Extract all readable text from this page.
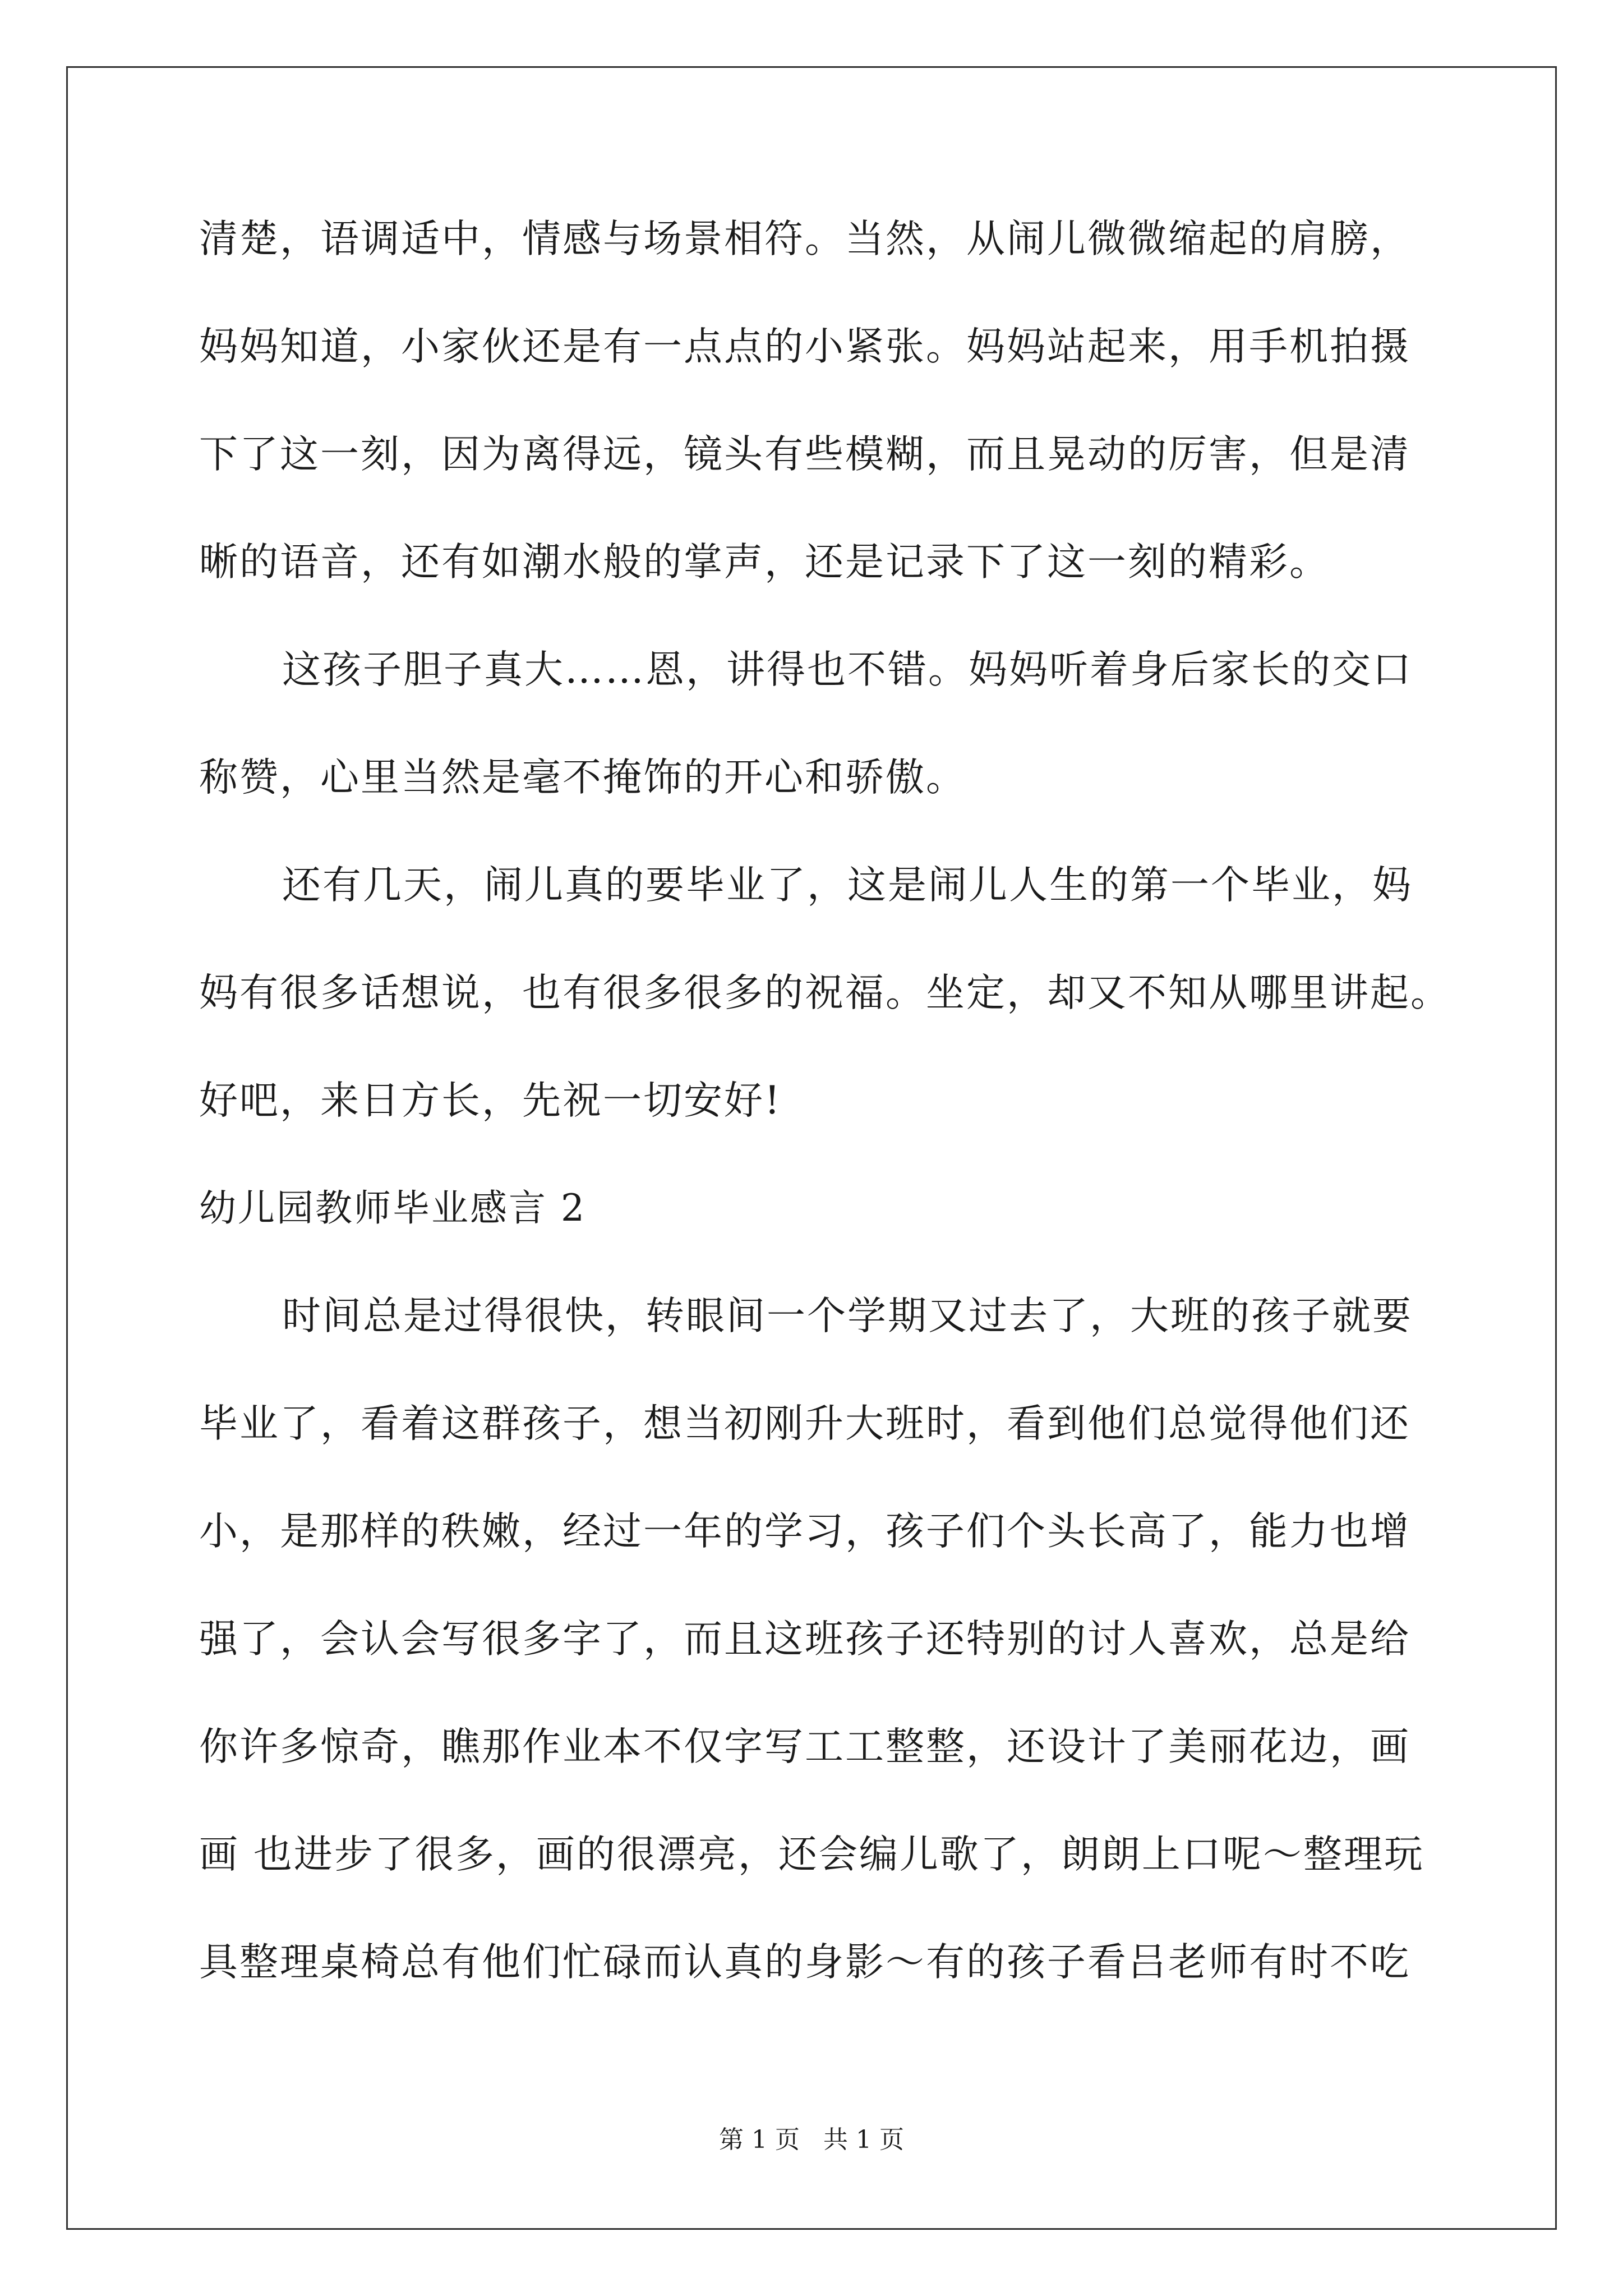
清楚，语调适中，情感与场景相符。当然，从闹儿微微缩起的肩膀，
妈妈知道，小家伙还是有一点点的小紧张。妈妈站起来，用手机拍摄
下了这一刻，因为离得远，镜头有些模糊，而且晃动的厉害，但是清
晰的语音，还有如潮水般的掌声，还是记录下了这一刻的精彩。
这孩子胆子真大……恩，讲得也不错。妈妈听着身后家长的交口
称赞，心里当然是毫不掩饰的开心和骄傲。
还有几天，闹儿真的要毕业了，这是闹儿人生的第一个毕业，妈
妈有很多话想说，也有很多很多的祝福。坐定，却又不知从哪里讲起。
好吧，来日方长，先祝一切安好!
幼儿园教师毕业感言 2
时间总是过得很快，转眼间一个学期又过去了，大班的孩子就要
毕业了，看着这群孩子，想当初刚升大班时，看到他们总觉得他们还
小，是那样的秩嫩，经过一年的学习，孩子们个头长高了，能力也增
强了，会认会写很多字了，而且这班孩子还特别的讨人喜欢，总是给
你许多惊奇，瞧那作业本不仅字写工工整整，还设计了美丽花边，画
画 也进步了很多，画的很漂亮，还会编儿歌了，朗朗上口呢～整理玩
具整理桌椅总有他们忙碌而认真的身影～有的孩子看吕老师有时不吃
第 1 页   共 1 页
